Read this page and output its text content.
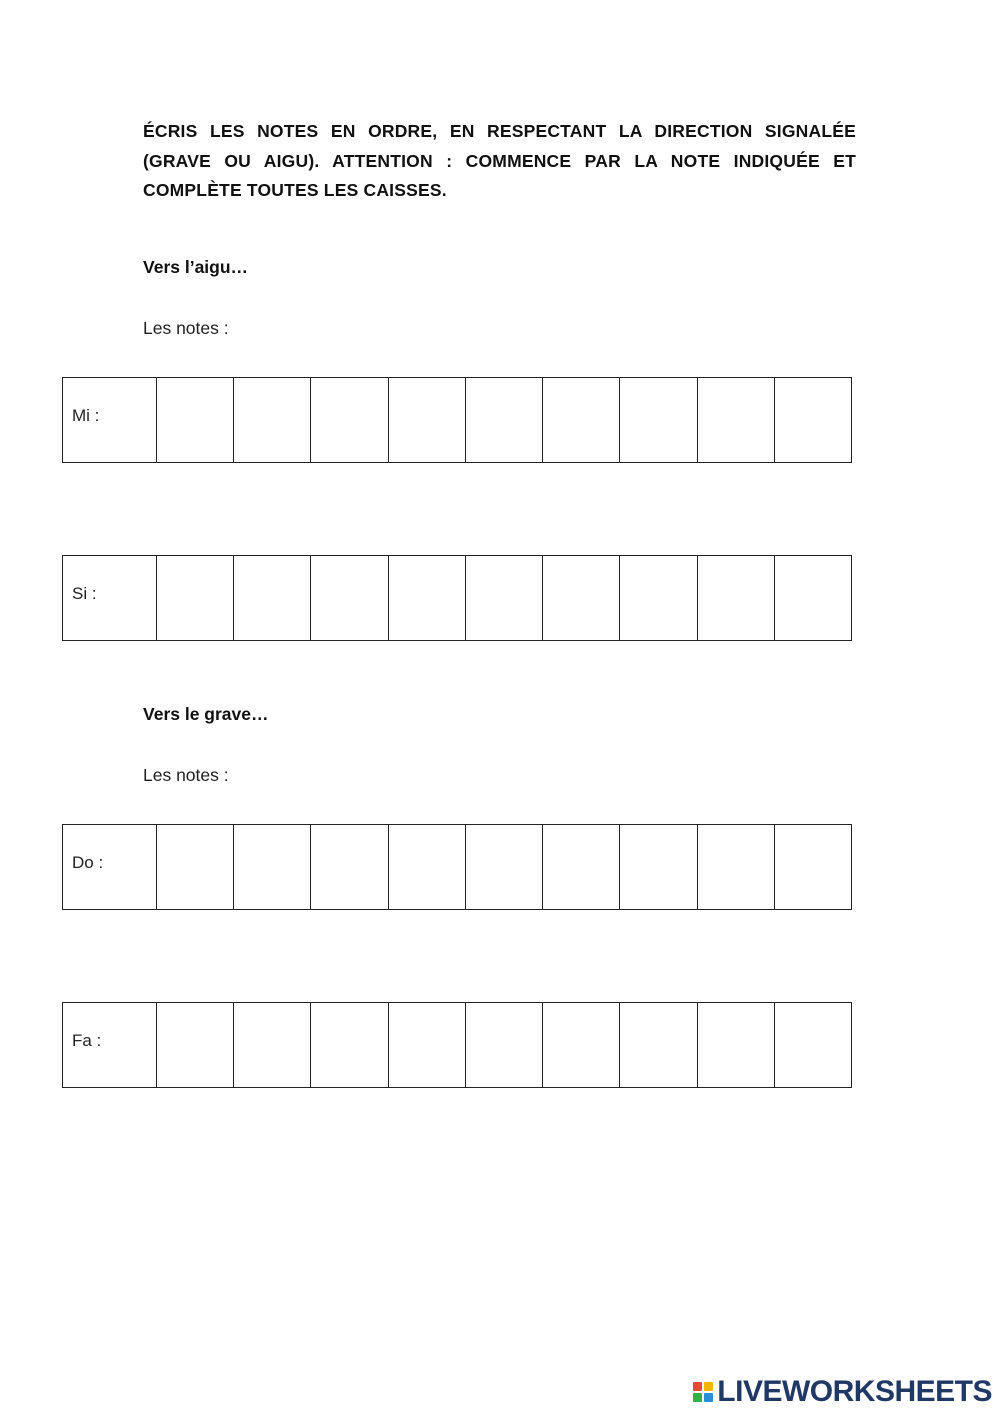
ÉCRIS LES NOTES EN ORDRE, EN RESPECTANT LA DIRECTION SIGNALÉE (GRAVE OU AIGU). ATTENTION : COMMENCE PAR LA NOTE INDIQUÉE ET COMPLÈTE TOUTES LES CAISSES.
Vers l’aigu…
Les notes :
Mi :									
Si :									
Vers le grave…
Les notes :
Do :									
Fa :									
LIVEWORKSHEETS
